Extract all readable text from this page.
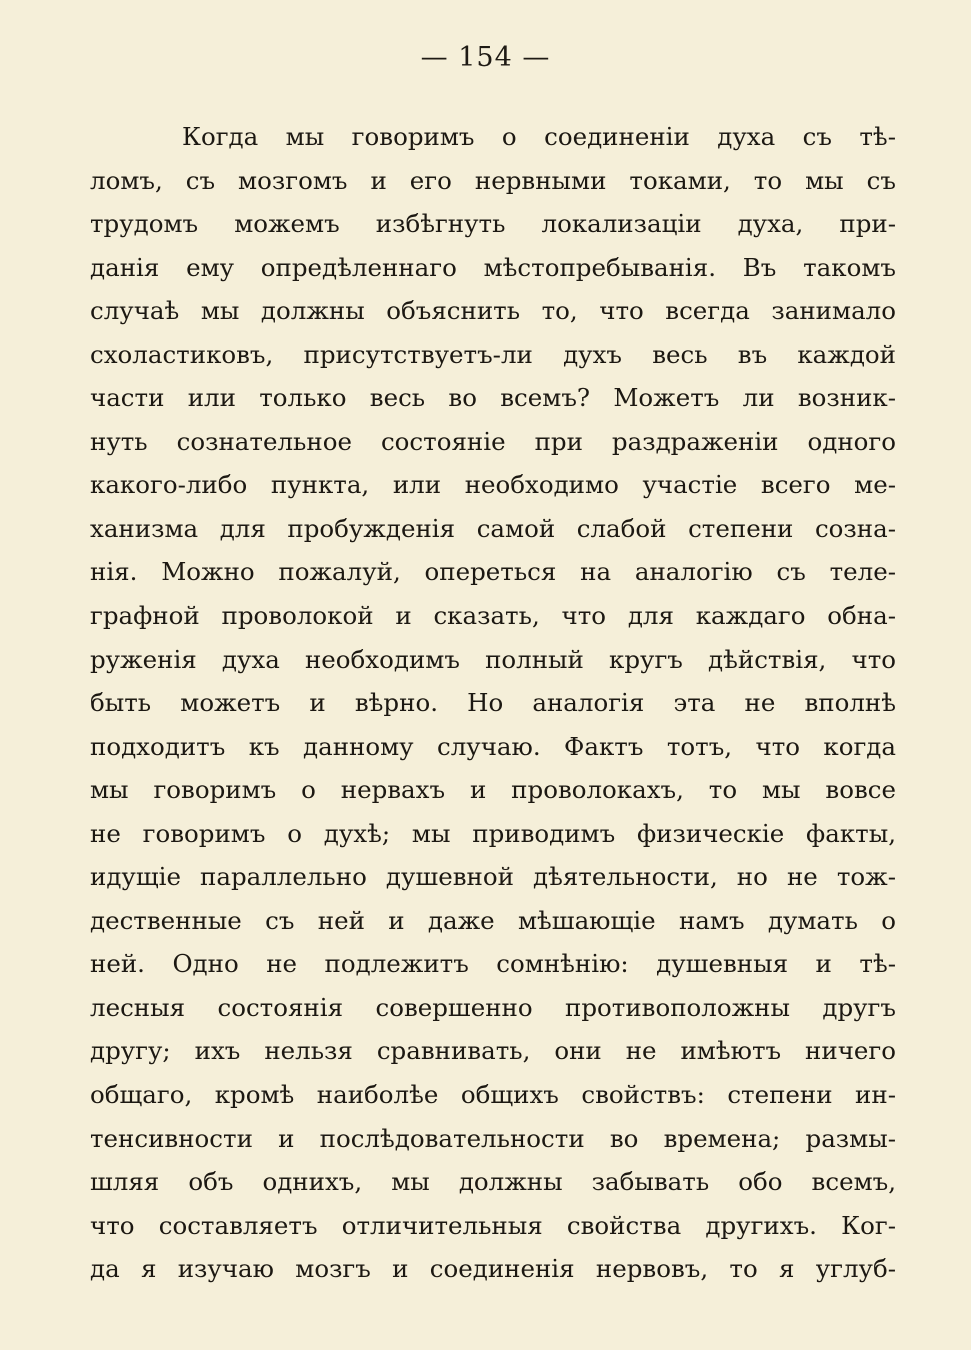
— 154 —
Когда мы говоримъ о соединенiи духа съ тѣ-
ломъ, съ мозгомъ и его нервными токами, то мы съ
трудомъ можемъ избѣгнуть локализацiи духа, при-
данiя ему опредѣленнаго мѣстопребыванiя. Въ такомъ
случаѣ мы должны объяснить то, что всегда занимало
схоластиковъ, присутствуетъ-ли духъ весь въ каждой
части или только весь во всемъ? Можетъ ли возник-
нуть сознательное состоянiе при раздраженiи одного
какого-либо пункта, или необходимо участiе всего ме-
ханизма для пробужденiя самой слабой степени созна-
нiя. Можно пожалуй, опереться на аналогiю съ теле-
графной проволокой и сказать, что для каждаго обна-
руженiя духа необходимъ полный кругъ дѣйствiя, что
быть можетъ и вѣрно. Но аналогiя эта не вполнѣ
подходитъ къ данному случаю. Фактъ тотъ, что когда
мы говоримъ о нервахъ и проволокахъ, то мы вовсе
не говоримъ о духѣ; мы приводимъ физическiе факты,
идущiе параллельно душевной дѣятельности, но не тож-
дественные съ ней и даже мѣшающiе намъ думать о
ней. Одно не подлежитъ сомнѣнiю: душевныя и тѣ-
лесныя состоянiя совершенно противоположны другъ
другу; ихъ нельзя сравнивать, они не имѣютъ ничего
общаго, кромѣ наиболѣе общихъ свойствъ: степени ин-
тенсивности и послѣдовательности во времена; размы-
шляя объ однихъ, мы должны забывать обо всемъ,
что составляетъ отличительныя свойства другихъ. Ког-
да я изучаю мозгъ и соединенiя нервовъ, то я углуб-
